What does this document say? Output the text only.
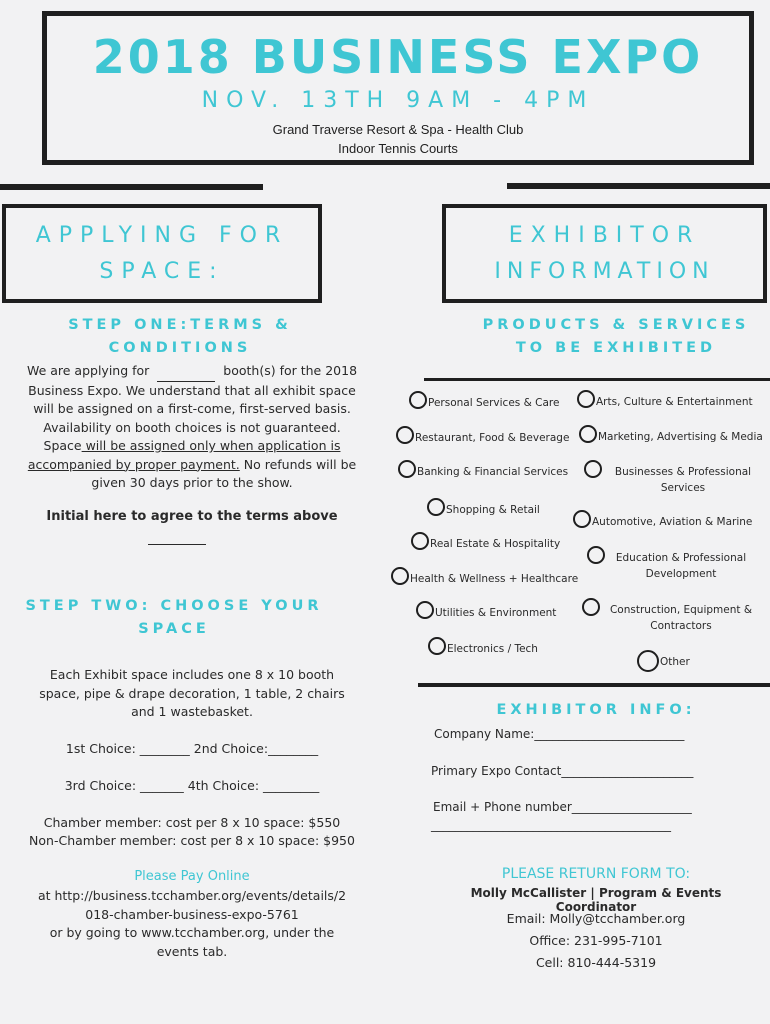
2018 BUSINESS EXPO
NOV. 13TH 9AM - 4PM
Grand Traverse Resort & Spa - Health Club
Indoor Tennis Courts
APPLYING FOR
SPACE:
EXHIBITOR
INFORMATION
STEP ONE:TERMS &
CONDITIONS
We are applying for	booth(s) for the 2018
Business Expo. We understand that all exhibit space
will be assigned on a first-come, first-served basis.
Availability on booth choices is not guaranteed.
Space will be assigned only when application is
accompanied by proper payment. No refunds will be
given 30 days prior to the show.
Initial here to agree to the terms above
STEP TWO: CHOOSE YOUR
SPACE
Each Exhibit space includes one 8 x 10 booth
space, pipe & drape decoration, 1 table, 2 chairs
and 1 wastebasket.
1st Choice: ________ 2nd Choice:________
3rd Choice: _______ 4th Choice: _________
Chamber member: cost per 8 x 10 space: $550
Non-Chamber member: cost per 8 x 10 space: $950
Please Pay Online
at http://business.tcchamber.org/events/details/2
018-chamber-business-expo-5761
or by going to www.tcchamber.org, under the
events tab.
PRODUCTS & SERVICES
TO BE EXHIBITED
Personal Services & Care	Arts, Culture & Entertainment
Restaurant, Food & Beverage	Marketing, Advertising & Media
Banking & Financial Services	Businesses & Professional Services
Shopping & Retail
Automotive, Aviation & Marine
Real Estate & Hospitality
Education & Professional Development
Health & Wellness + Healthcare
Utilities & Environment	Construction, Equipment & Contractors
Electronics / Tech
Other
EXHIBITOR INFO:
Company Name:_________________________
Primary Expo Contact______________________
Email + Phone number____________________
________________________________________
PLEASE RETURN FORM TO:
Molly McCallister | Program & Events Coordinator
Email: Molly@tcchamber.org
Office: 231-995-7101
Cell: 810-444-5319
